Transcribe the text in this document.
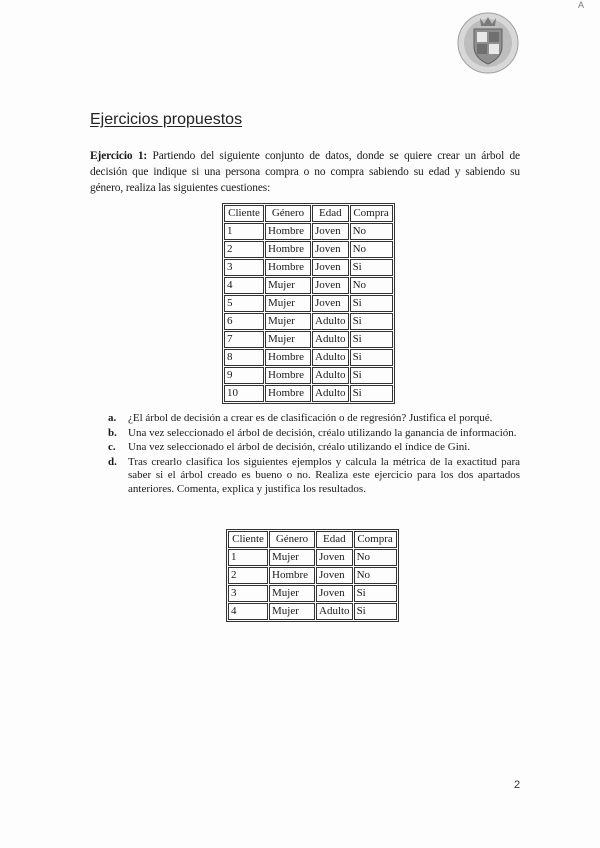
A
Ejercicios propuestos

Ejercicio 1: Partiendo del siguiente conjunto de datos, donde se quiere crear un árbol de decisión que indique si una persona compra o no compra sabiendo su edad y sabiendo su género, realiza las siguientes cuestiones:

Cliente	Género	Edad	Compra
1	Hombre	Joven	No
2	Hombre	Joven	No
3	Hombre	Joven	Si
4	Mujer	Joven	No
5	Mujer	Joven	Si
6	Mujer	Adulto	Si
7	Mujer	Adulto	Si
8	Hombre	Adulto	Si
9	Hombre	Adulto	Si
10	Hombre	Adulto	Si
a. ¿El árbol de decisión a crear es de clasificación o de regresión? Justifica el porqué.
b. Una vez seleccionado el árbol de decisión, créalo utilizando la ganancia de información.
c. Una vez seleccionado el árbol de decisión, créalo utilizando el índice de Gini.
d. Tras crearlo clasifica los siguientes ejemplos y calcula la métrica de la exactitud para saber si el árbol creado es bueno o no. Realiza este ejercicio para los dos apartados anteriores. Comenta, explica y justifica los resultados.
Cliente	Género	Edad	Compra
1	Mujer	Joven	No
2	Hombre	Joven	No
3	Mujer	Joven	Si
4	Mujer	Adulto	Si
2
